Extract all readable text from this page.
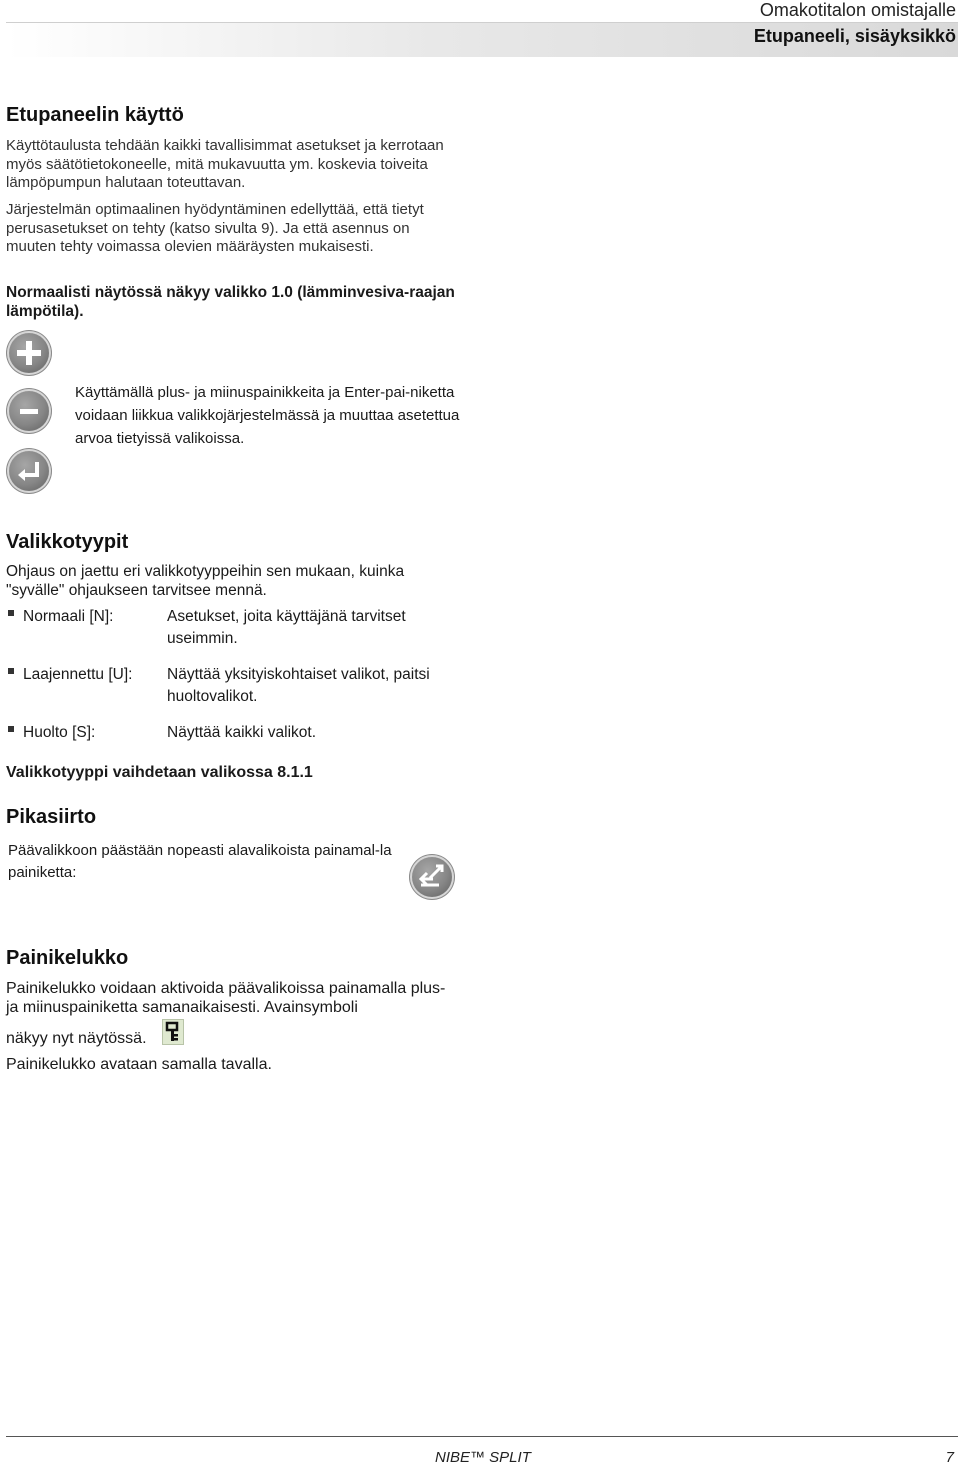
Omakotitalon omistajalle
Etupaneeli, sisäyksikkö
Etupaneelin käyttö
Käyttötaulusta tehdään kaikki tavallisimmat asetukset ja kerrotaan myös säätötietokoneelle, mitä mukavuutta ym. koskevia toiveita lämpöpumpun halutaan toteuttavan.
Järjestelmän optimaalinen hyödyntäminen edellyttää, että tietyt perusasetukset on tehty (katso sivulta 9). Ja että asennus on muuten tehty voimassa olevien määräysten mukaisesti.
Normaalisti näytössä näkyy valikko 1.0 (lämminvesiva-raajan lämpötila).
Käyttämällä plus- ja miinuspainikkeita ja Enter-pai-niketta voidaan liikkua valikkojärjestelmässä ja muuttaa asetettua arvoa tietyissä valikoissa.
Valikkotyypit
Ohjaus on jaettu eri valikkotyyppeihin sen mukaan, kuinka "syvälle" ohjaukseen tarvitsee mennä.
Normaali [N]:	Asetukset, joita käyttäjänä tarvitset useimmin.
Laajennettu [U]: Näyttää yksityiskohtaiset valikot, paitsi huoltovalikot.
Huolto [S]:	Näyttää kaikki valikot.
Valikkotyyppi vaihdetaan valikossa 8.1.1
Pikasiirto
Päävalikkoon päästään nopeasti alavalikoista painamal-la painiketta:
Painikelukko
Painikelukko voidaan aktivoida päävalikoissa painamalla plus- ja miinuspainiketta samanaikaisesti. Avainsymboli
näkyy nyt näytössä.
Painikelukko avataan samalla tavalla.
NIBE™ SPLIT	7
